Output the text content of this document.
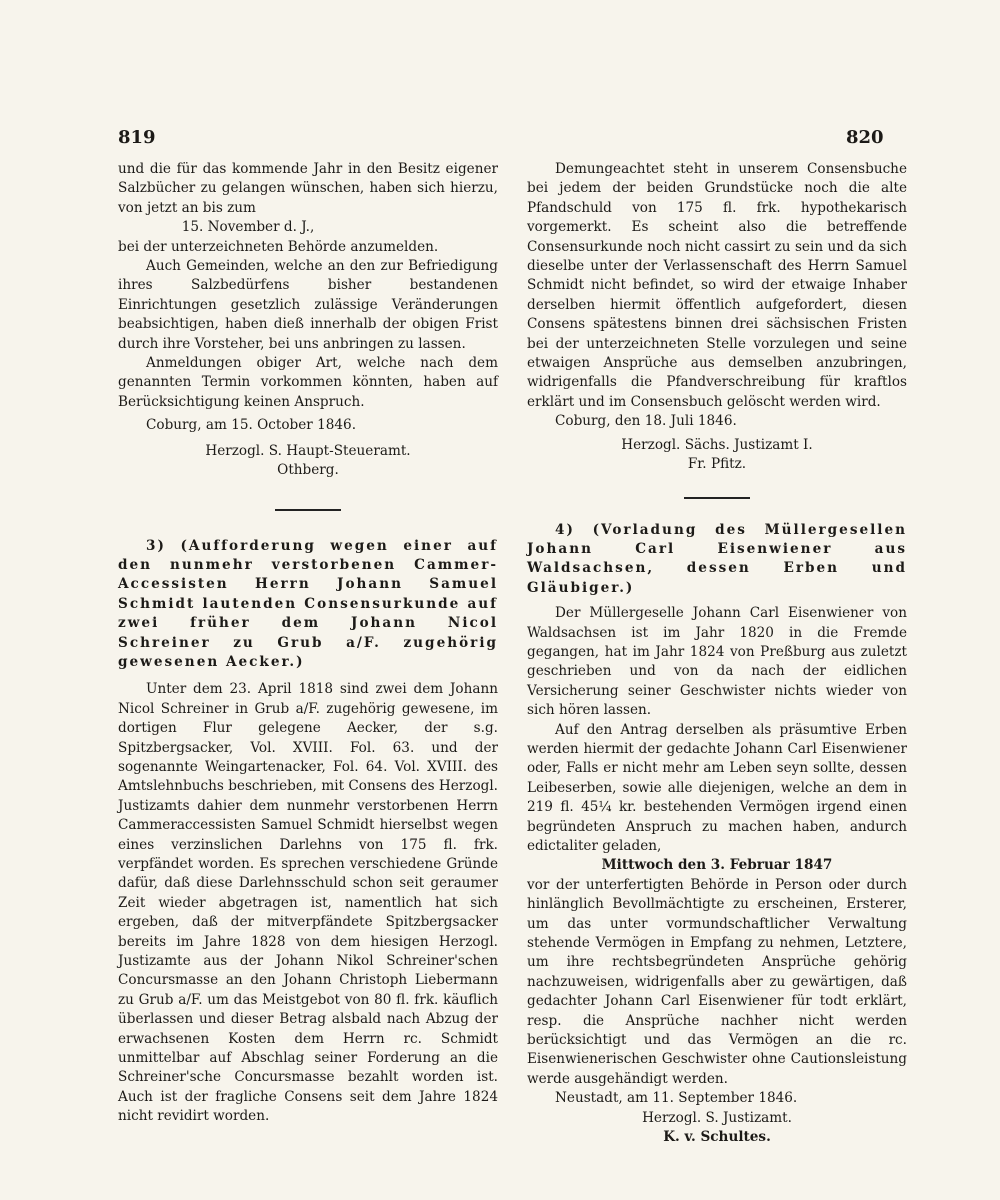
819	820

und die für das kommende Jahr in den Besitz eigener Salzbücher zu gelangen wünschen, haben sich hierzu, von jetzt an bis zum

15. November d. J.,

bei der unterzeichneten Behörde anzumelden.

Auch Gemeinden, welche an den zur Befriedigung ihres Salzbedürfens bisher bestandenen Einrichtungen gesetzlich zulässige Veränderungen beabsichtigen, haben dieß innerhalb der obigen Frist durch ihre Vorsteher, bei uns anbringen zu lassen.

Anmeldungen obiger Art, welche nach dem genannten Termin vorkommen könnten, haben auf Berücksichtigung keinen Anspruch.

Coburg, am 15. October 1846.

Herzogl. S. Haupt-Steueramt.

Othberg.

3) (Aufforderung wegen einer auf den nunmehr verstorbenen Cammer-Accessisten Herrn Johann Samuel Schmidt lautenden Consensurkunde auf zwei früher dem Johann Nicol Schreiner zu Grub a/F. zugehörig gewesenen Aecker.)

Unter dem 23. April 1818 sind zwei dem Johann Nicol Schreiner in Grub a/F. zugehörig gewesene, im dortigen Flur gelegene Aecker, der s.g. Spitzbergsacker, Vol. XVIII. Fol. 63. und der sogenannte Weingartenacker, Fol. 64. Vol. XVIII. des Amtslehnbuchs beschrieben, mit Consens des Herzogl. Justizamts dahier dem nunmehr verstorbenen Herrn Cammeraccessisten Samuel Schmidt hierselbst wegen eines verzinslichen Darlehns von 175 fl. frk. verpfändet worden. Es sprechen verschiedene Gründe dafür, daß diese Darlehnsschuld schon seit geraumer Zeit wieder abgetragen ist, namentlich hat sich ergeben, daß der mitverpfändete Spitzbergsacker bereits im Jahre 1828 von dem hiesigen Herzogl. Justizamte aus der Johann Nikol Schreiner'schen Concursmasse an den Johann Christoph Liebermann zu Grub a/F. um das Meistgebot von 80 fl. frk. käuflich überlassen und dieser Betrag alsbald nach Abzug der erwachsenen Kosten dem Herrn rc. Schmidt unmittelbar auf Abschlag seiner Forderung an die Schreiner'sche Concursmasse bezahlt worden ist. Auch ist der fragliche Consens seit dem Jahre 1824 nicht revidirt worden.

Demungeachtet steht in unserem Consensbuche bei jedem der beiden Grundstücke noch die alte Pfandschuld von 175 fl. frk. hypothekarisch vorgemerkt. Es scheint also die betreffende Consensurkunde noch nicht cassirt zu sein und da sich dieselbe unter der Verlassenschaft des Herrn Samuel Schmidt nicht befindet, so wird der etwaige Inhaber derselben hiermit öffentlich aufgefordert, diesen Consens spätestens binnen drei sächsischen Fristen bei der unterzeichneten Stelle vorzulegen und seine etwaigen Ansprüche aus demselben anzubringen, widrigenfalls die Pfandverschreibung für kraftlos erklärt und im Consensbuch gelöscht werden wird.

Coburg, den 18. Juli 1846.

Herzogl. Sächs. Justizamt I.

Fr. Pfitz.

4) (Vorladung des Müllergesellen Johann Carl Eisenwiener aus Waldsachsen, dessen Erben und Gläubiger.)

Der Müllergeselle Johann Carl Eisenwiener von Waldsachsen ist im Jahr 1820 in die Fremde gegangen, hat im Jahr 1824 von Preßburg aus zuletzt geschrieben und von da nach der eidlichen Versicherung seiner Geschwister nichts wieder von sich hören lassen.

Auf den Antrag derselben als präsumtive Erben werden hiermit der gedachte Johann Carl Eisenwiener oder, Falls er nicht mehr am Leben seyn sollte, dessen Leibeserben, sowie alle diejenigen, welche an dem in 219 fl. 45¼ kr. bestehenden Vermögen irgend einen begründeten Anspruch zu machen haben, andurch edictaliter geladen,

Mittwoch den 3. Februar 1847

vor der unterfertigten Behörde in Person oder durch hinlänglich Bevollmächtigte zu erscheinen, Ersterer, um das unter vormundschaftlicher Verwaltung stehende Vermögen in Empfang zu nehmen, Letztere, um ihre rechtsbegründeten Ansprüche gehörig nachzuweisen, widrigenfalls aber zu gewärtigen, daß gedachter Johann Carl Eisenwiener für todt erklärt, resp. die Ansprüche nachher nicht werden berücksichtigt und das Vermögen an die rc. Eisenwienerischen Geschwister ohne Cautionsleistung werde ausgehändigt werden.

Neustadt, am 11. September 1846.

Herzogl. S. Justizamt.

K. v. Schultes.
